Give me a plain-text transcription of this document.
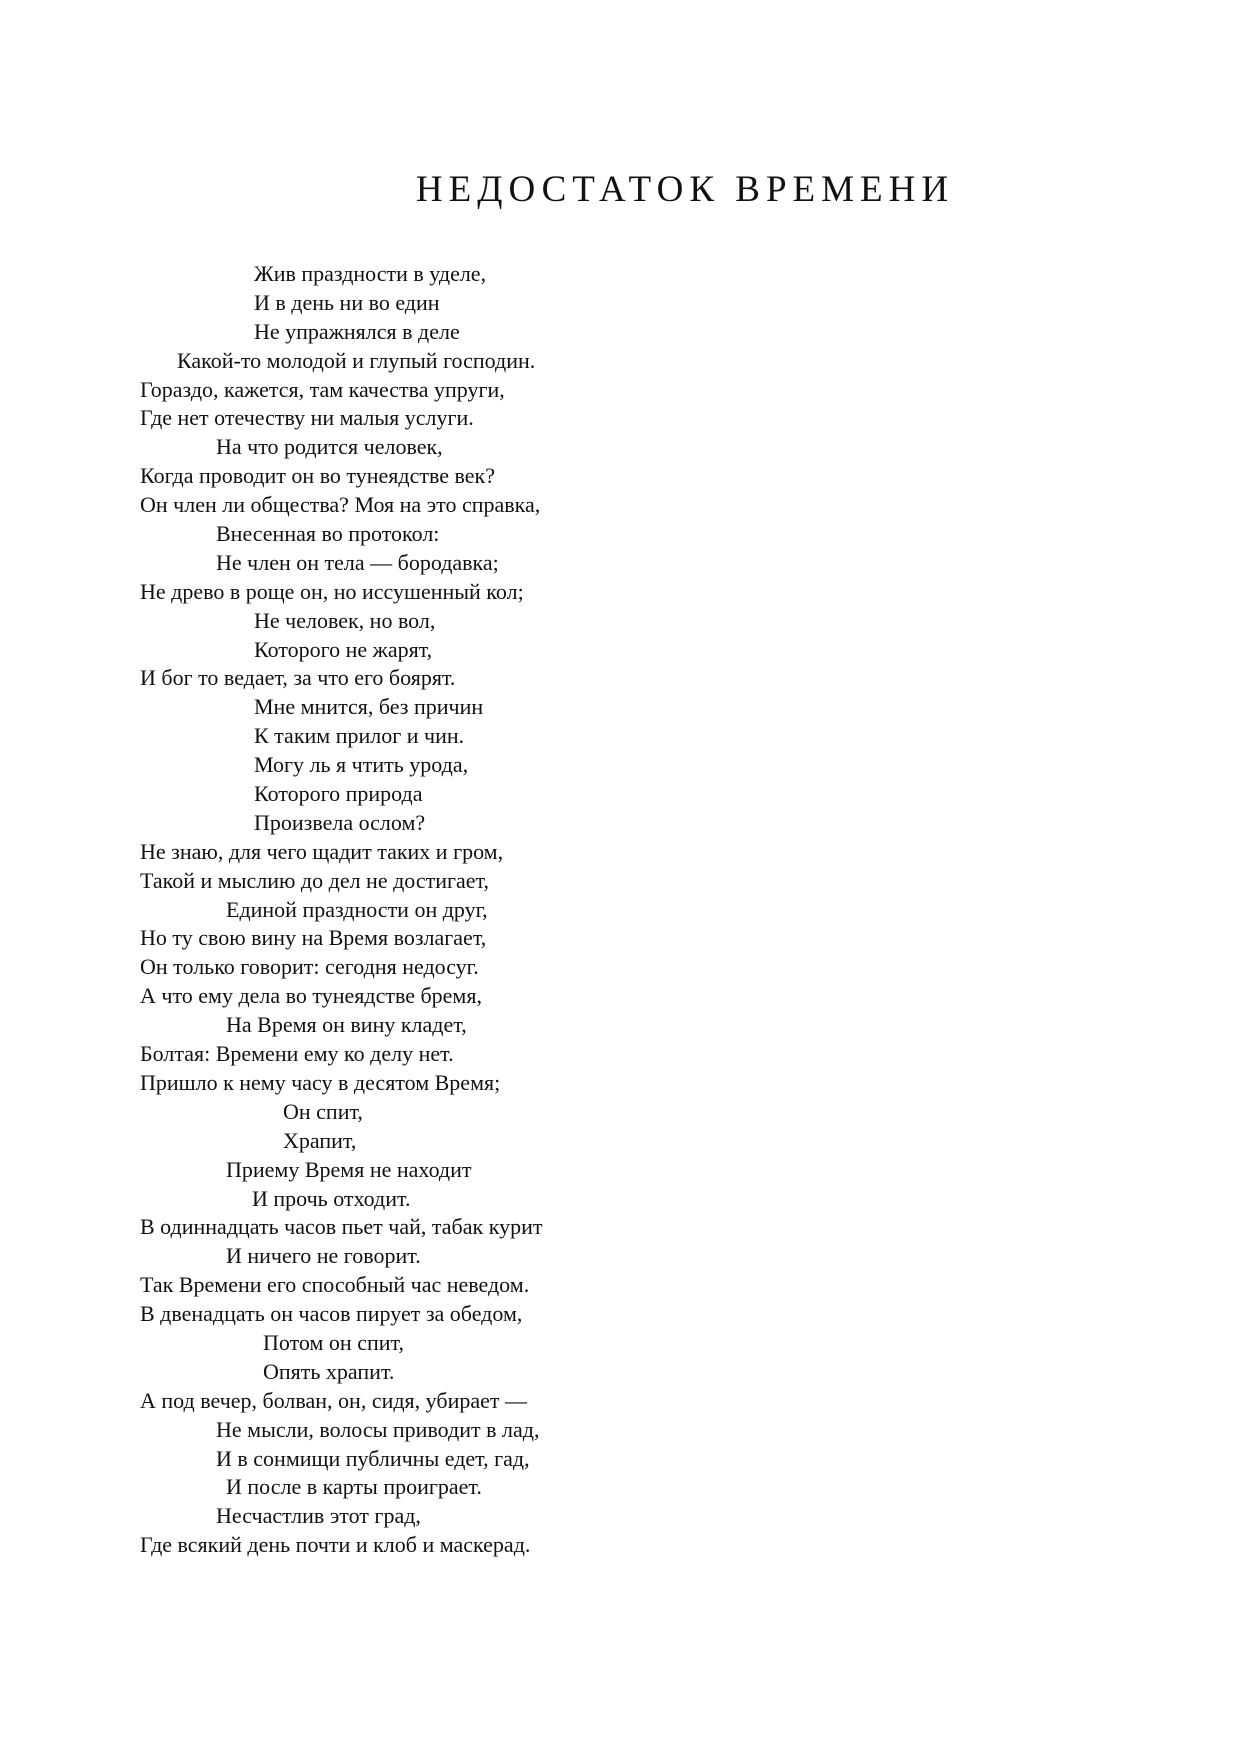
НЕДОСТАТОК ВРЕМЕНИ
Жив праздности в уделе,
И в день ни во един
Не упражнялся в деле
Какой-то молодой и глупый господин.
Гораздо, кажется, там качества упруги,
Где нет отечеству ни малыя услуги.
На что родится человек,
Когда проводит он во тунеядстве век?
Он член ли общества? Моя на это справка,
Внесенная во протокол:
Не член он тела — бородавка;
Не древо в роще он, но иссушенный кол;
Не человек, но вол,
Которого не жарят,
И бог то ведает, за что его боярят.
Мне мнится, без причин
К таким прилог и чин.
Могу ль я чтить урода,
Которого природа
Произвела ослом?
Не знаю, для чего щадит таких и гром,
Такой и мыслию до дел не достигает,
Единой праздности он друг,
Но ту свою вину на Время возлагает,
Он только говорит: сегодня недосуг.
А что ему дела во тунеядстве бремя,
На Время он вину кладет,
Болтая: Времени ему ко делу нет.
Пришло к нему часу в десятом Время;
Он спит,
Храпит,
Приему Время не находит
И прочь отходит.
В одиннадцать часов пьет чай, табак курит
И ничего не говорит.
Так Времени его способный час неведом.
В двенадцать он часов пирует за обедом,
Потом он спит,
Опять храпит.
А под вечер, болван, он, сидя, убирает —
Не мысли, волосы приводит в лад,
И в сонмищи публичны едет, гад,
И после в карты проиграет.
Несчастлив этот град,
Где всякий день почти и клоб и маскерад.
